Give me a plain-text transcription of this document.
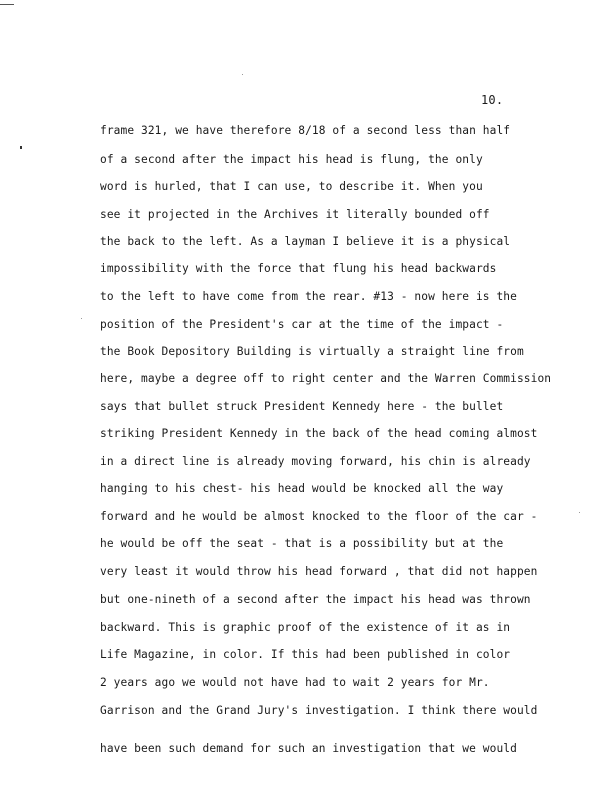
10.
frame 321, we have therefore 8/18 of a second less than half
of a second after the impact his head is flung, the only
word is hurled, that I can use, to describe it. When you
see it projected in the Archives it literally bounded off
the back to the left. As a layman I believe it is a physical
impossibility with the force that flung his head backwards
to the left to have come from the rear. #13 - now here is the
position of the President's car at the time of the impact -
the Book Depository Building is virtually a straight line from
here, maybe a degree off to right center and the Warren Commission
says that bullet struck President Kennedy here - the bullet
striking President Kennedy in the back of the head coming almost
in a direct line is already moving forward, his chin is already
hanging to his chest- his head would be knocked all the way
forward and he would be almost knocked to the floor of the car -
he would be off the seat - that is a possibility but at the
very least it would throw his head forward , that did not happen
but one-nineth of a second after the impact his head was thrown
backward. This is graphic proof of the existence of it as in
Life Magazine, in color. If this had been published in color
2 years ago we would not have had to wait 2 years for Mr.
Garrison and the Grand Jury's investigation. I think there would
have been such demand for such an investigation that we would
